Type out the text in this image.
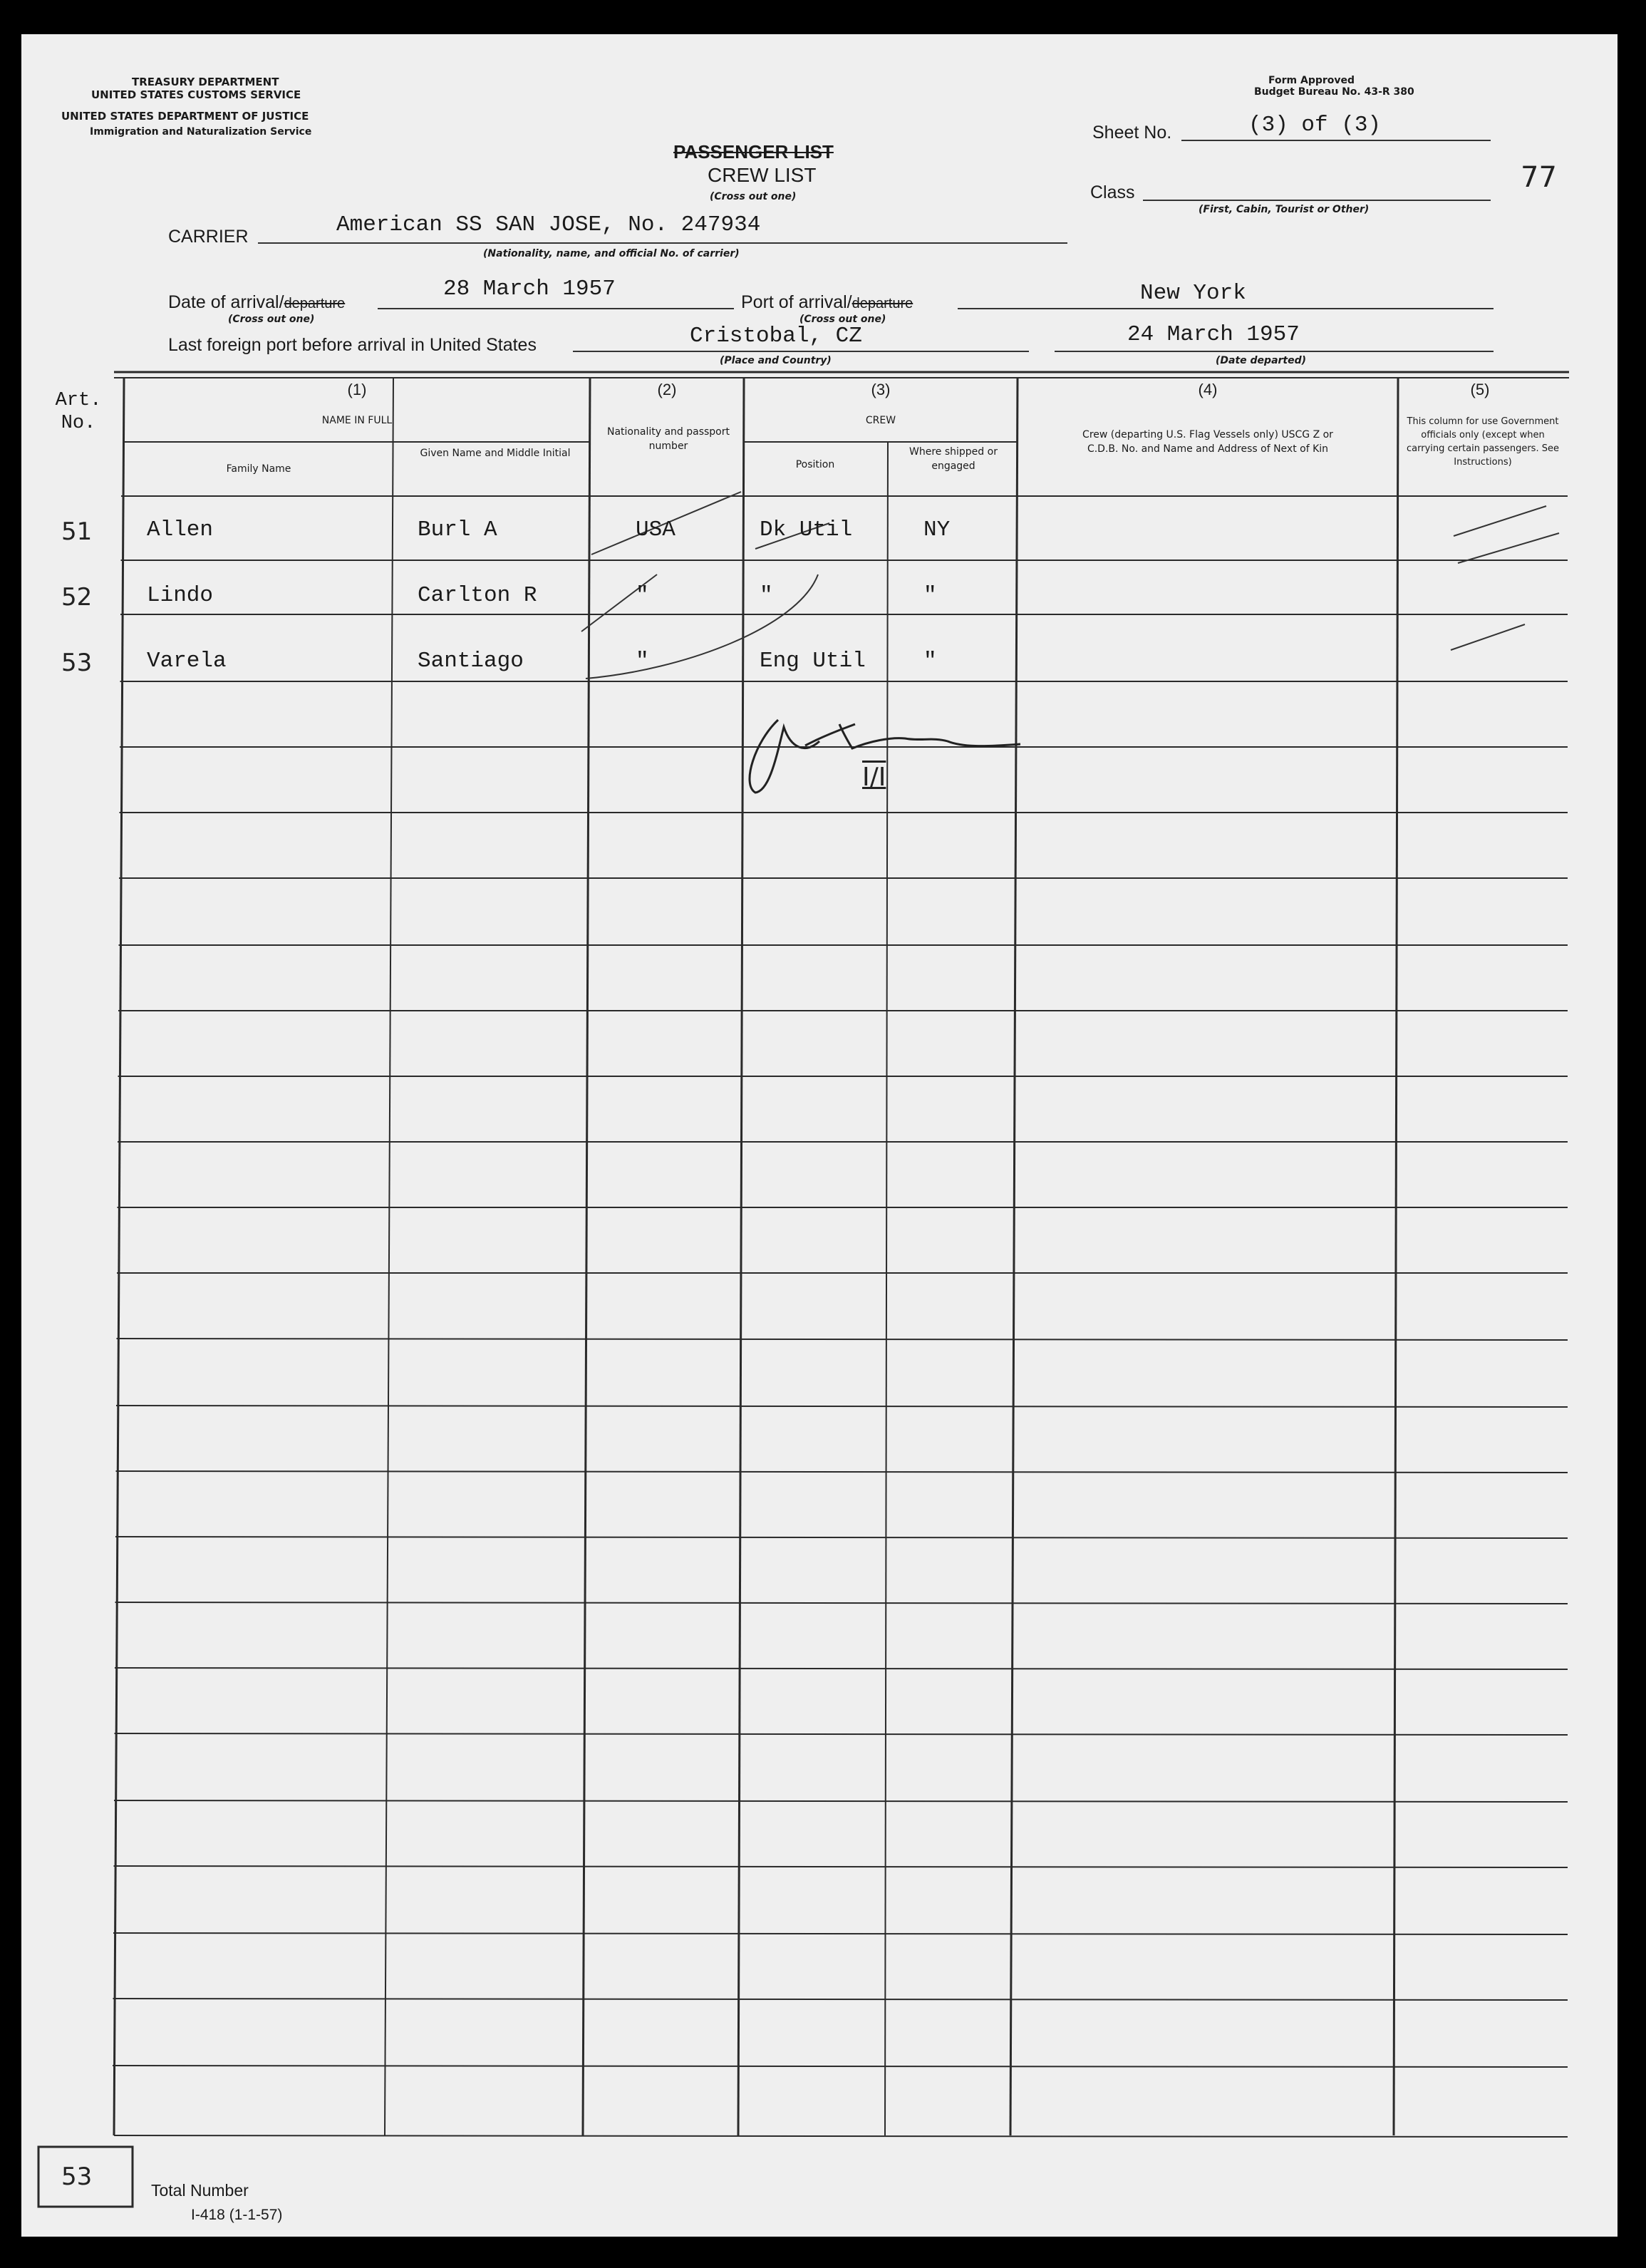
TREASURY DEPARTMENT
UNITED STATES CUSTOMS SERVICE
UNITED STATES DEPARTMENT OF JUSTICE
Immigration and Naturalization Service
Form Approved
Budget Bureau No. 43-R 380
PASSENGER LIST
CREW LIST
(Cross out one)
Sheet No.	(3) of (3)
Class
(First, Cabin, Tourist or Other)
77
CARRIER	American SS SAN JOSE, No. 247934
(Nationality, name, and official No. of carrier)
Date of arrival/departure
28 March 1957
(Cross out one)
Port of arrival/departure	New York
(Cross out one)
Last foreign port before arrival in United States	Cristobal, CZ
(Place and Country)
24 March 1957
(Date departed)
Art. No.
(1)
NAME IN FULL
Family Name
Given Name and Middle Initial
(2)
Nationality and passport number
(3)
CREW
Position
Where shipped or engaged
(4)
Crew (departing U.S. Flag Vessels only) USCG Z or C.D.B. No. and Name and Address of Next of Kin
(5)
This column for use Government officials only (except when carrying certain passengers. See Instructions)
51 Allen	Burl A	USA	Dk Util	NY
52 Lindo	Carlton R	"	"	"
53 Varela	Santiago	"	Eng Util	"
I/I
53	Total Number
I-418 (1-1-57)
